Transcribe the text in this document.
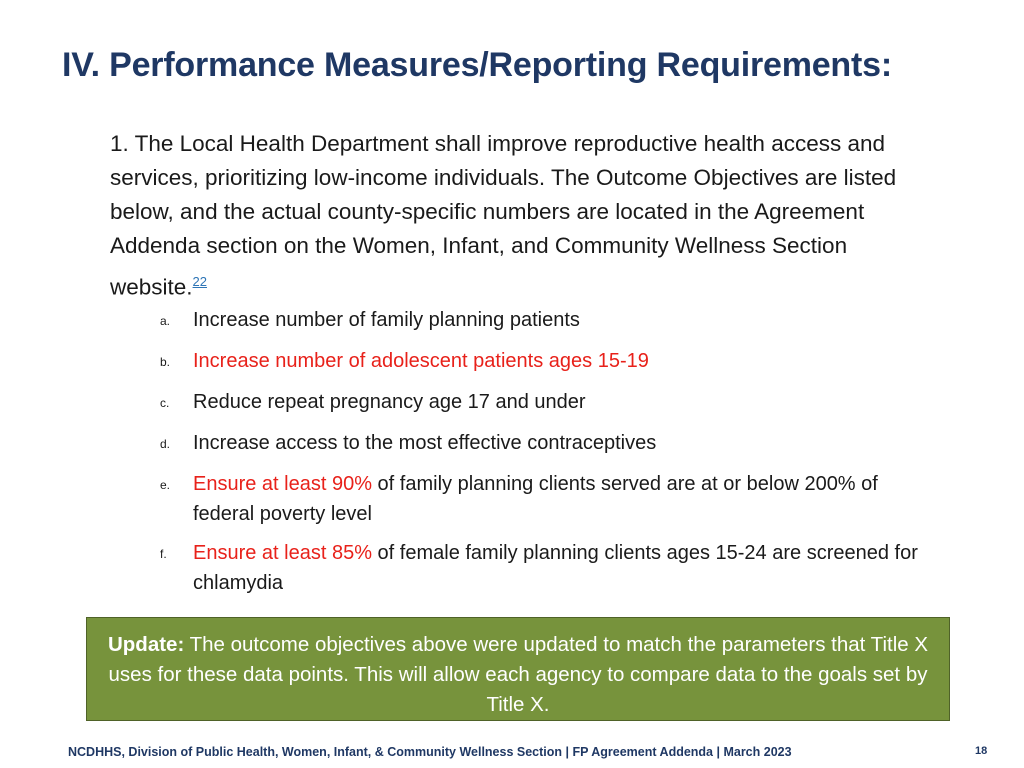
IV. Performance Measures/Reporting Requirements:

1. The Local Health Department shall improve reproductive health access and services, prioritizing low-income individuals. The Outcome Objectives are listed below, and the actual county-specific numbers are located in the Agreement Addenda section on the Women, Infant, and Community Wellness Section website.$^{22}$

a.	Increase number of family planning patients
b.	Increase number of adolescent patients ages 15-19
c.	Reduce repeat pregnancy age 17 and under
d.	Increase access to the most effective contraceptives
e.	Ensure at least 90% of family planning clients served are at or below 200% of federal poverty level
f.	Ensure at least 85% of female family planning clients ages 15-24 are screened for chlamydia
Update: The outcome objectives above were updated to match the parameters that Title X uses for these data points. This will allow each agency to compare data to the goals set by Title X.
NCDHHS, Division of Public Health, Women, Infant, & Community Wellness Section | FP Agreement Addenda | March 2023	18
